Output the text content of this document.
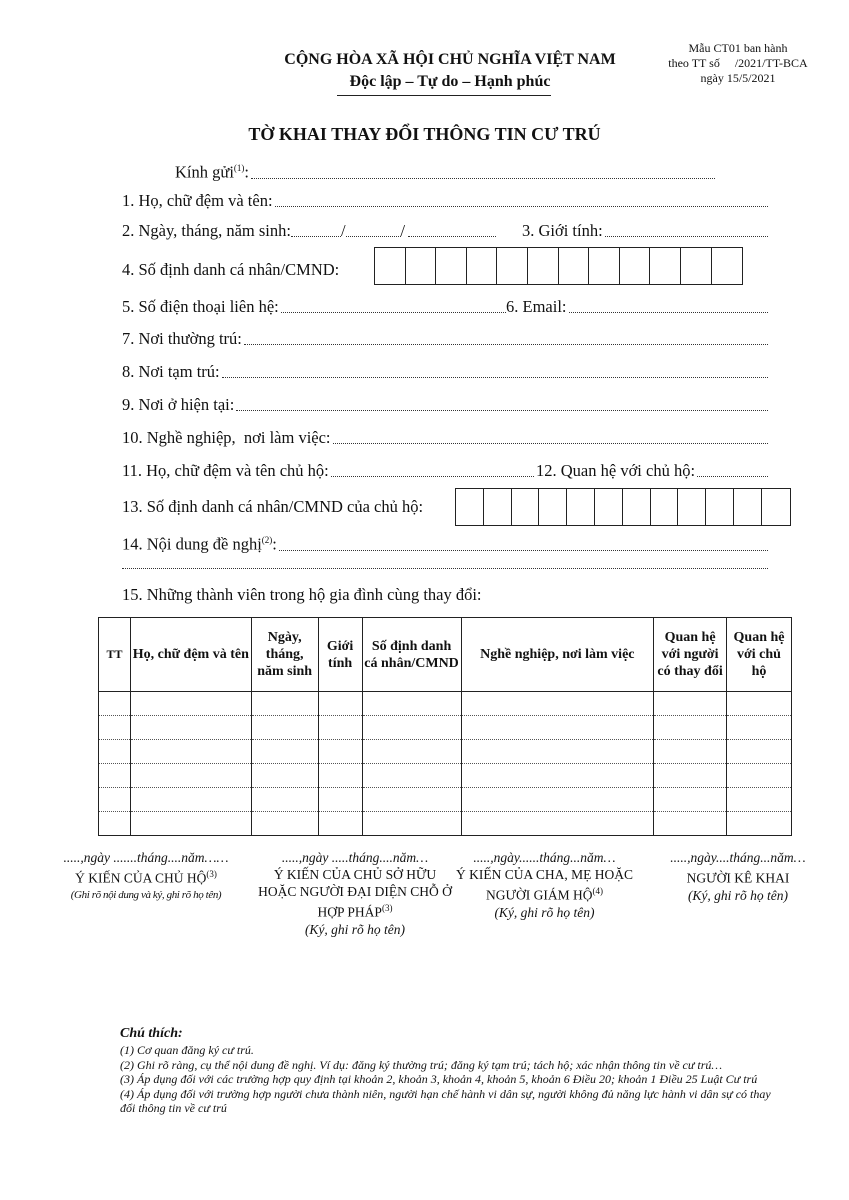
CỘNG HÒA XÃ HỘI CHỦ NGHĨA VIỆT NAM
Độc lập – Tự do – Hạnh phúc
Mẫu CT01 ban hành
theo TT số     /2021/TT-BCA
ngày 15/5/2021
TỜ KHAI THAY ĐỔI THÔNG TIN CƯ TRÚ
Kính gửi$^{(1)}$:
1. Họ, chữ đệm và tên:
2. Ngày, tháng, năm sinh:	/	/	3. Giới tính:
4. Số định danh cá nhân/CMND:
5. Số điện thoại liên hệ:	6. Email:
7. Nơi thường trú:
8. Nơi tạm trú:
9. Nơi ở hiện tại:
10. Nghề nghiệp,  nơi làm việc:
11. Họ, chữ đệm và tên chủ hộ:	12. Quan hệ với chủ hộ:
13. Số định danh cá nhân/CMND của chủ hộ:
14. Nội dung đề nghị$^{(2)}$:
15. Những thành viên trong hộ gia đình cùng thay đổi:
TT	Họ, chữ đệm và tên	Ngày, tháng, năm sinh	Giới tính	Số định danh cá nhân/CMND	Nghề nghiệp, nơi làm việc	Quan hệ với người có thay đổi	Quan hệ với chủ hộ

.....,ngày .......tháng....năm……
Ý KIẾN CỦA CHỦ HỘ$^{(3)}$
(Ghi rõ nội dung và ký, ghi rõ họ tên)
.....,ngày .....tháng....năm…
Ý KIẾN CỦA CHỦ SỞ HỮU HOẶC NGƯỜI ĐẠI DIỆN CHỖ Ở HỢP PHÁP$^{(3)}$
(Ký, ghi rõ họ tên)
.....,ngày......tháng...năm…
Ý KIẾN CỦA CHA, MẸ HOẶC NGƯỜI GIÁM HỘ$^{(4)}$
(Ký, ghi rõ họ tên)
.....,ngày....tháng...năm…
NGƯỜI KÊ KHAI
(Ký, ghi rõ họ tên)
Chú thích:
(1) Cơ quan đăng ký cư trú.
(2) Ghi rõ ràng, cụ thể nội dung đề nghị. Ví dụ: đăng ký thường trú; đăng ký tạm trú; tách hộ; xác nhận thông tin về cư trú…
(3) Áp dụng đối với các trường hợp quy định tại khoản 2, khoản 3, khoản 4, khoản 5, khoản 6 Điều 20; khoản 1 Điều 25 Luật Cư trú
(4) Áp dụng đối với trường hợp người chưa thành niên, người hạn chế hành vi dân sự, người không đủ năng lực hành vi dân sự có thay đổi thông tin về cư trú
